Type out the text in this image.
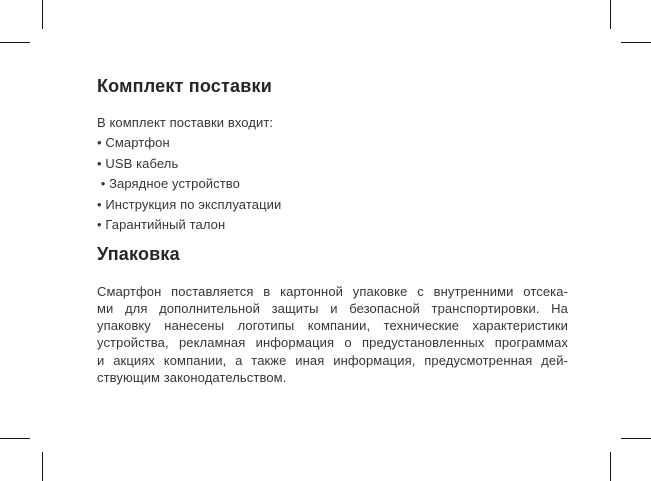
Комплект поставки

В комплект поставки входит:

• Смартфон
• USB кабель
• Зарядное устройство
• Инструкция по эксплуатации
• Гарантийный талон
Упаковка
Смартфон поставляется в картонной упаковке с внутренними отсека-
ми для дополнительной защиты и безопасной транспортировки. На
упаковку нанесены логотипы компании, технические характеристики
устройства, рекламная информация о предустановленных программах
и акциях компании, а также иная информация, предусмотренная дей-
ствующим законодательством.
